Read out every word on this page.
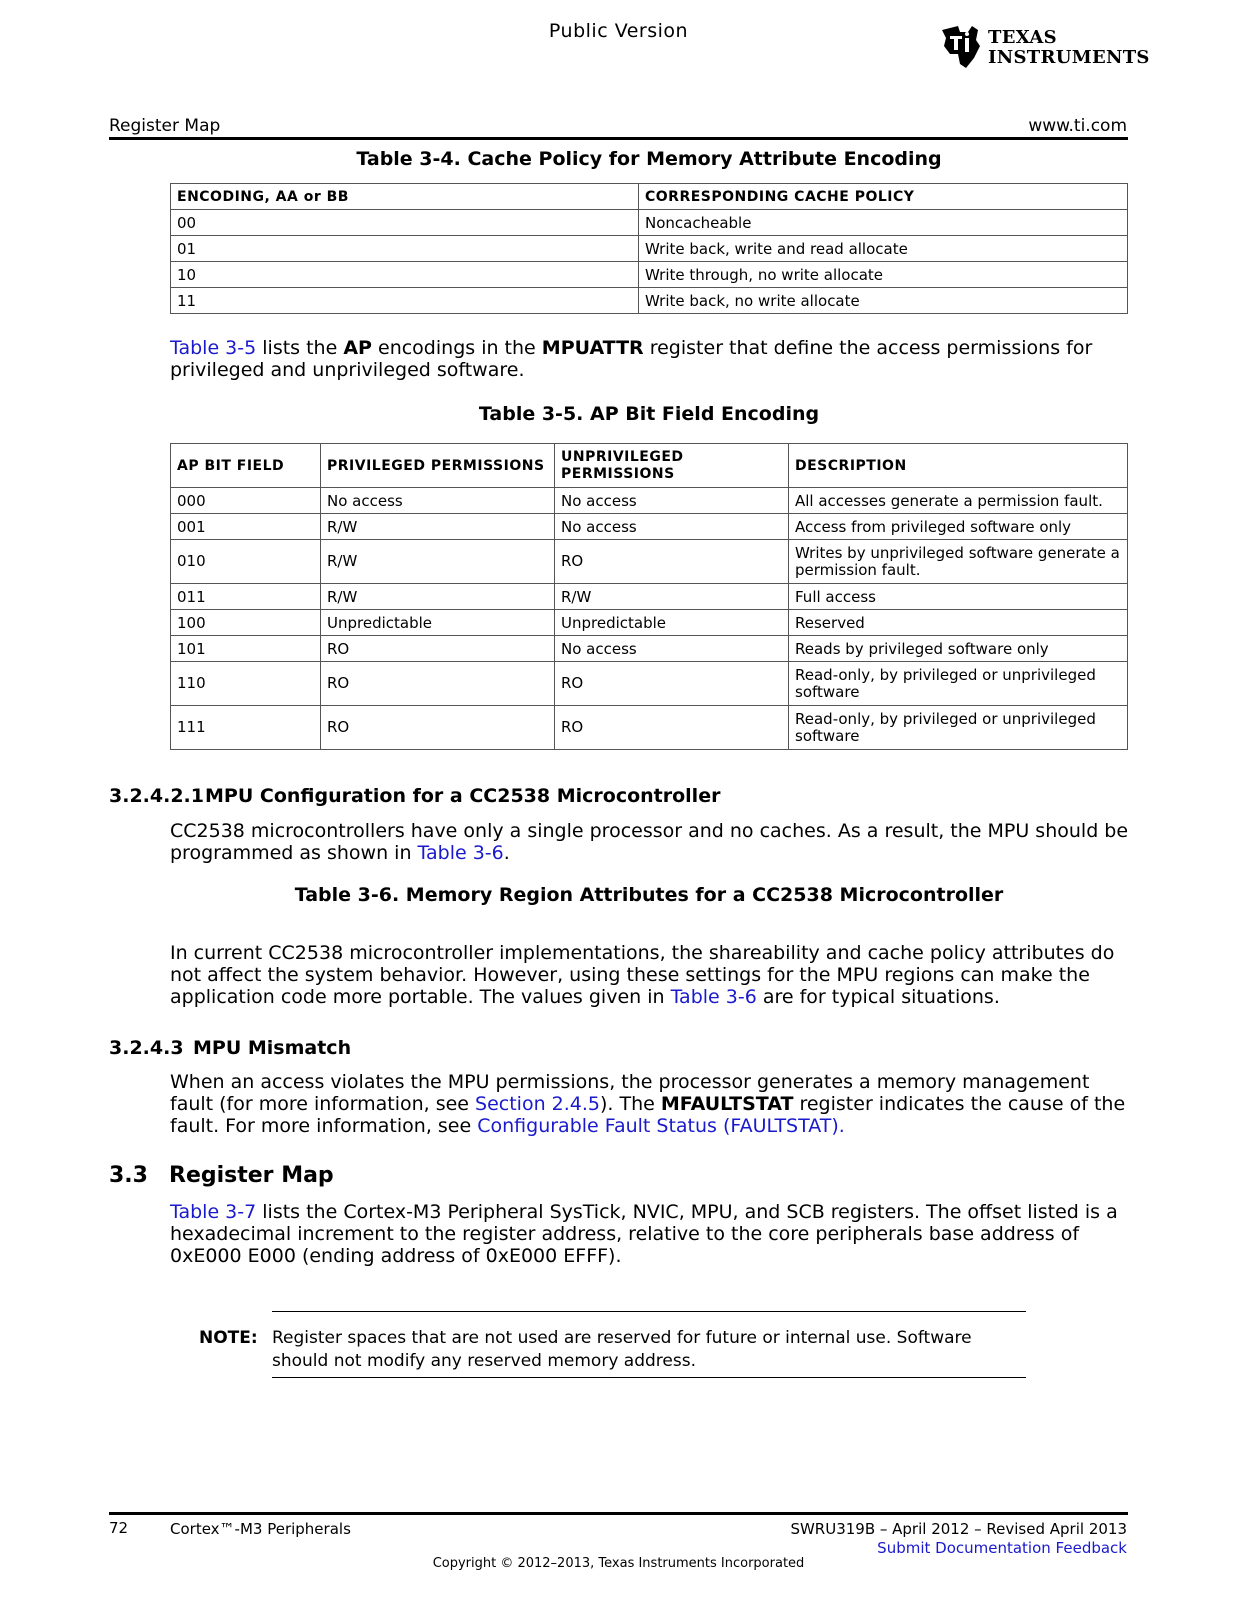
Public Version	TEXAS
INSTRUMENTS
Register Map	www.ti.com
Table 3-4. Cache Policy for Memory Attribute Encoding
ENCODING, AA or BB	CORRESPONDING CACHE POLICY
00	Noncacheable
01	Write back, write and read allocate
10	Write through, no write allocate
11	Write back, no write allocate
Table 3-5 lists the AP encodings in the MPUATTR register that define the access permissions for privileged and unprivileged software.
Table 3-5. AP Bit Field Encoding
AP BIT FIELD	PRIVILEGED PERMISSIONS	UNPRIVILEGED PERMISSIONS	DESCRIPTION
000	No access	No access	All accesses generate a permission fault.
001	R/W	No access	Access from privileged software only
010	R/W	RO	Writes by unprivileged software generate a permission fault.
011	R/W	R/W	Full access
100	Unpredictable	Unpredictable	Reserved
101	RO	No access	Reads by privileged software only
110	RO	RO	Read-only, by privileged or unprivileged software
111	RO	RO	Read-only, by privileged or unprivileged software
3.2.4.2.1MPU Configuration for a CC2538 Microcontroller
CC2538 microcontrollers have only a single processor and no caches. As a result, the MPU should be programmed as shown in Table 3-6.
Table 3-6. Memory Region Attributes for a CC2538 Microcontroller
In current CC2538 microcontroller implementations, the shareability and cache policy attributes do not affect the system behavior. However, using these settings for the MPU regions can make the application code more portable. The values given in Table 3-6 are for typical situations.
3.2.4.3 MPU Mismatch
When an access violates the MPU permissions, the processor generates a memory management fault (for more information, see Section 2.4.5). The MFAULTSTAT register indicates the cause of the fault. For more information, see Configurable Fault Status (FAULTSTAT).
3.3 Register Map
Table 3-7 lists the Cortex-M3 Peripheral SysTick, NVIC, MPU, and SCB registers. The offset listed is a hexadecimal increment to the register address, relative to the core peripherals base address of 0xE000 E000 (ending address of 0xE000 EFFF).
NOTE: Register spaces that are not used are reserved for future or internal use. Software should not modify any reserved memory address.
72	Cortex™-M3 Peripherals	SWRU319B – April 2012 – Revised April 2013
Submit Documentation Feedback
Copyright © 2012–2013, Texas Instruments Incorporated
